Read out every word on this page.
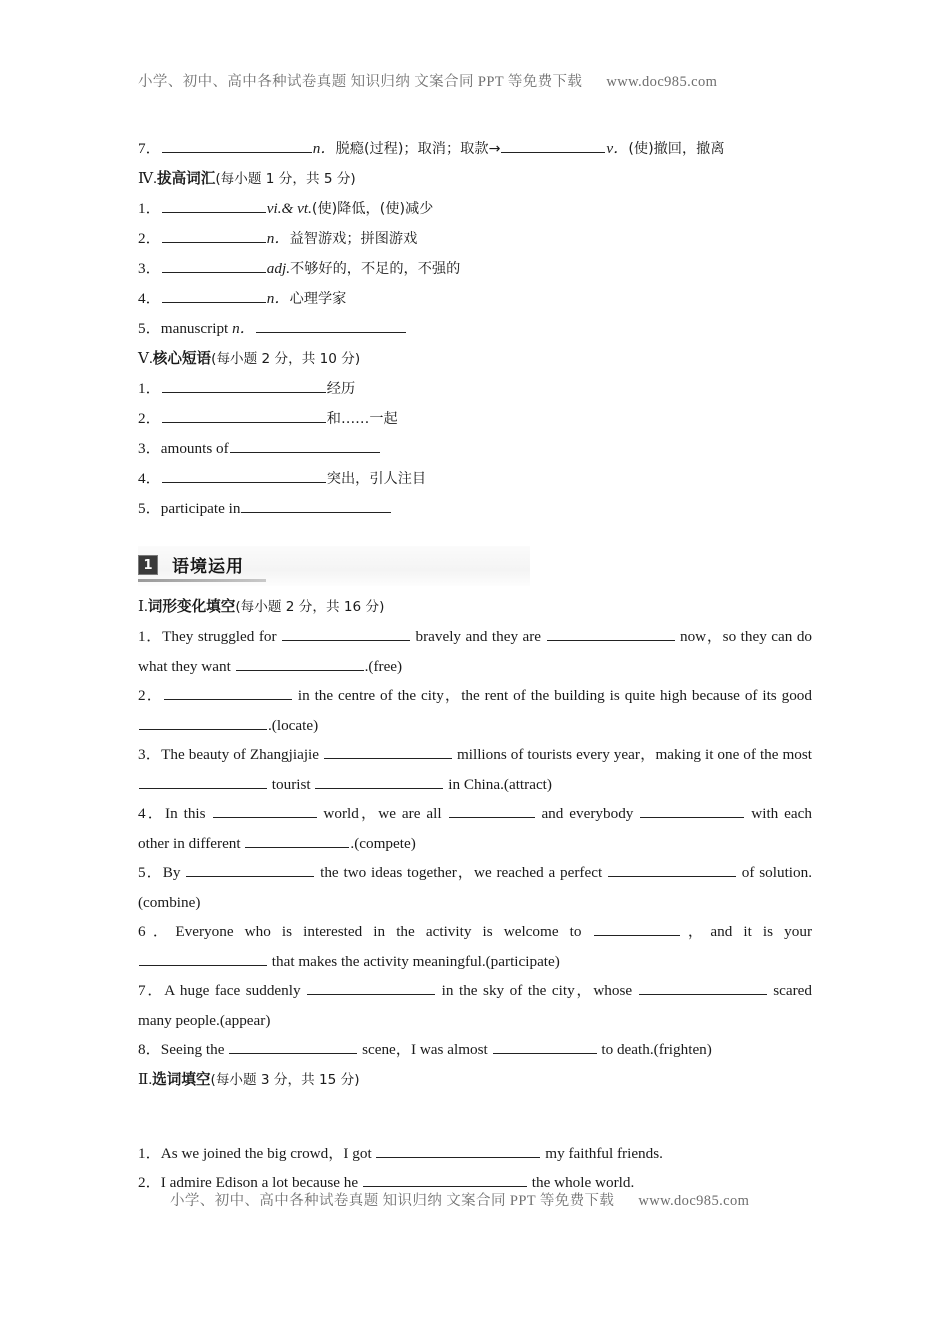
小学、初中、高中各种试卷真题 知识归纳 文案合同 PPT 等免费下载 www.doc985.com
7．	n．脱瘾(过程)；取消；取款→	v．(使)撤回，撤离
Ⅳ.拔高词汇(每小题 1 分，共 5 分)
1．	vi.& vt.(使)降低，(使)减少
2．	n．益智游戏；拼图游戏
3．	adj.不够好的，不足的，不强的
4．	n．心理学家
5．manuscript n．
Ⅴ.核心短语(每小题 2 分，共 10 分)
1．	经历
2．	和……一起
3．amounts of
4．	突出，引人注目
5．participate in
1	语境运用
Ⅰ.词形变化填空(每小题 2 分，共 16 分)

1．They struggled for	bravely and they are	now，so they can do what they want	.(free)

2．	in the centre of the city，the rent of the building is quite high because of its good .(locate)

3．The beauty of Zhangjiajie	millions of tourists every year，making it one of the most  tourist	in China.(attract)

4．In this	world，we are all	and everybody	with each other in different	.(compete)

5．By	the two ideas together，we reached a perfect	of solution.(combine)

6．Everyone who is interested in the activity is welcome to	，and it is your  that makes the activity meaningful.(participate)

7．A huge face suddenly	in the sky of the city，whose	scared many people.(appear)

8．Seeing the	scene，I was almost	to death.(frighten)

Ⅱ.选词填空(每小题 3 分，共 15 分)

1．As we joined the big crowd，I got	my faithful friends.

2．I admire Edison a lot because he	the whole world.

小学、初中、高中各种试卷真题 知识归纳 文案合同 PPT 等免费下载 www.doc985.com
